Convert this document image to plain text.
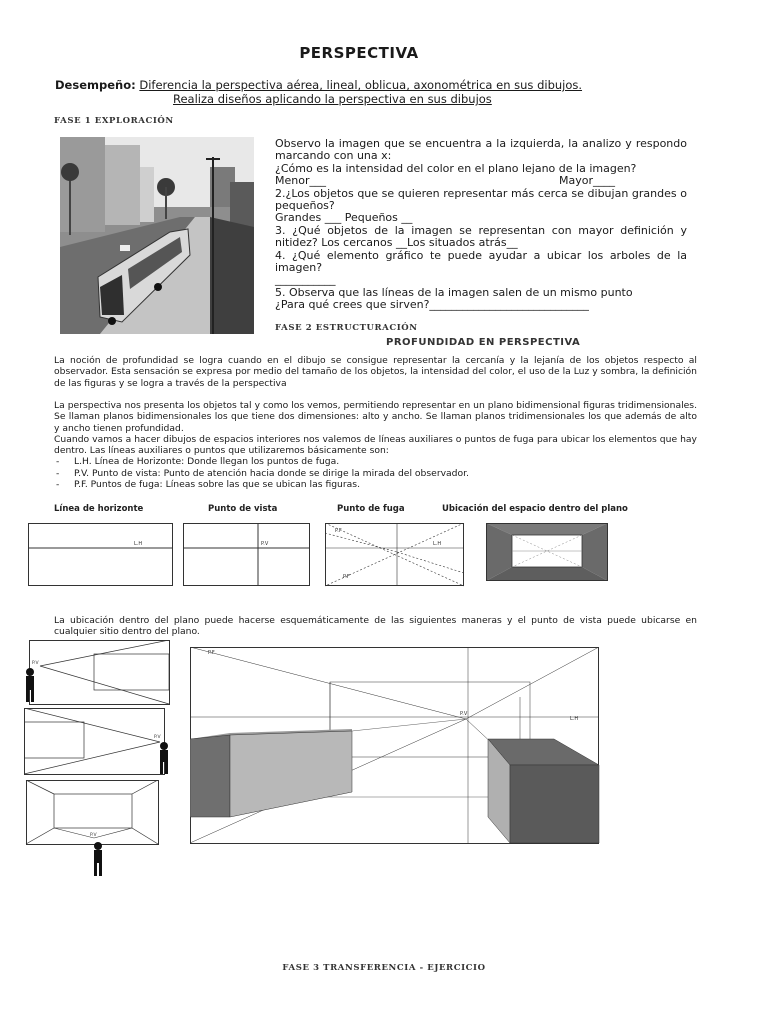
PERSPECTIVA
Desempeño: Diferencia la perspectiva aérea, lineal, oblicua, axonométrica en sus dibujos.
Realiza diseños aplicando la perspectiva en sus dibujos
FASE 1 EXPLORACIÓN

Observo la imagen que se encuentra a la izquierda, la analizo y respondo marcando con una x:

¿Cómo es la intensidad del color en el plano lejano de la imagen?

Menor___	Mayor____

2.¿Los objetos que se quieren representar más cerca se dibujan grandes o pequeños?

Grandes ___ Pequeños __

3. ¿Qué objetos de la imagen se representan con mayor definición y nitidez? Los cercanos __Los situados atrás__

4. ¿Qué elemento gráfico te puede ayudar a ubicar los arboles de la imagen?

___________

5. Observa que las líneas de la imagen salen de un mismo punto

¿Para qué crees que sirven?_____________________________

FASE 2 ESTRUCTURACIÓN
PROFUNDIDAD EN PERSPECTIVA
La noción de profundidad se logra cuando en el dibujo se consigue representar la cercanía y la lejanía de los objetos respecto al observador. Esta sensación se expresa por medio del tamaño de los objetos, la intensidad del color, el uso de la Luz y sombra, la definición de las figuras y se logra a través de la perspectiva
La perspectiva nos presenta los objetos tal y como los vemos, permitiendo representar en un plano bidimensional figuras tridimensionales. Se llaman planos bidimensionales los que tiene dos dimensiones: alto y ancho. Se llaman planos tridimensionales los que además de alto y ancho tienen profundidad.
Cuando vamos a hacer dibujos de espacios interiores nos valemos de líneas auxiliares o puntos de fuga para ubicar los elementos que hay dentro. Las líneas auxiliares o puntos que utilizaremos básicamente son:
- L.H. Línea de Horizonte: Donde llegan los puntos de fuga.
- P.V. Punto de vista: Punto de atención hacia donde se dirige la mirada del observador.
- P.F. Puntos de fuga: Líneas sobre las que se ubican las figuras.
Línea de horizonte	Punto de vista	Punto de fuga	Ubicación del espacio dentro del plano
L.H	P.V
P.F
P.F
L.H
La ubicación dentro del plano puede hacerse esquemáticamente de las siguientes maneras y el punto de vista puede ubicarse en cualquier sitio dentro del plano.
P.V
P.V
P.V
P.F
P.V
L.H
FASE 3 TRANSFERENCIA - EJERCICIO
